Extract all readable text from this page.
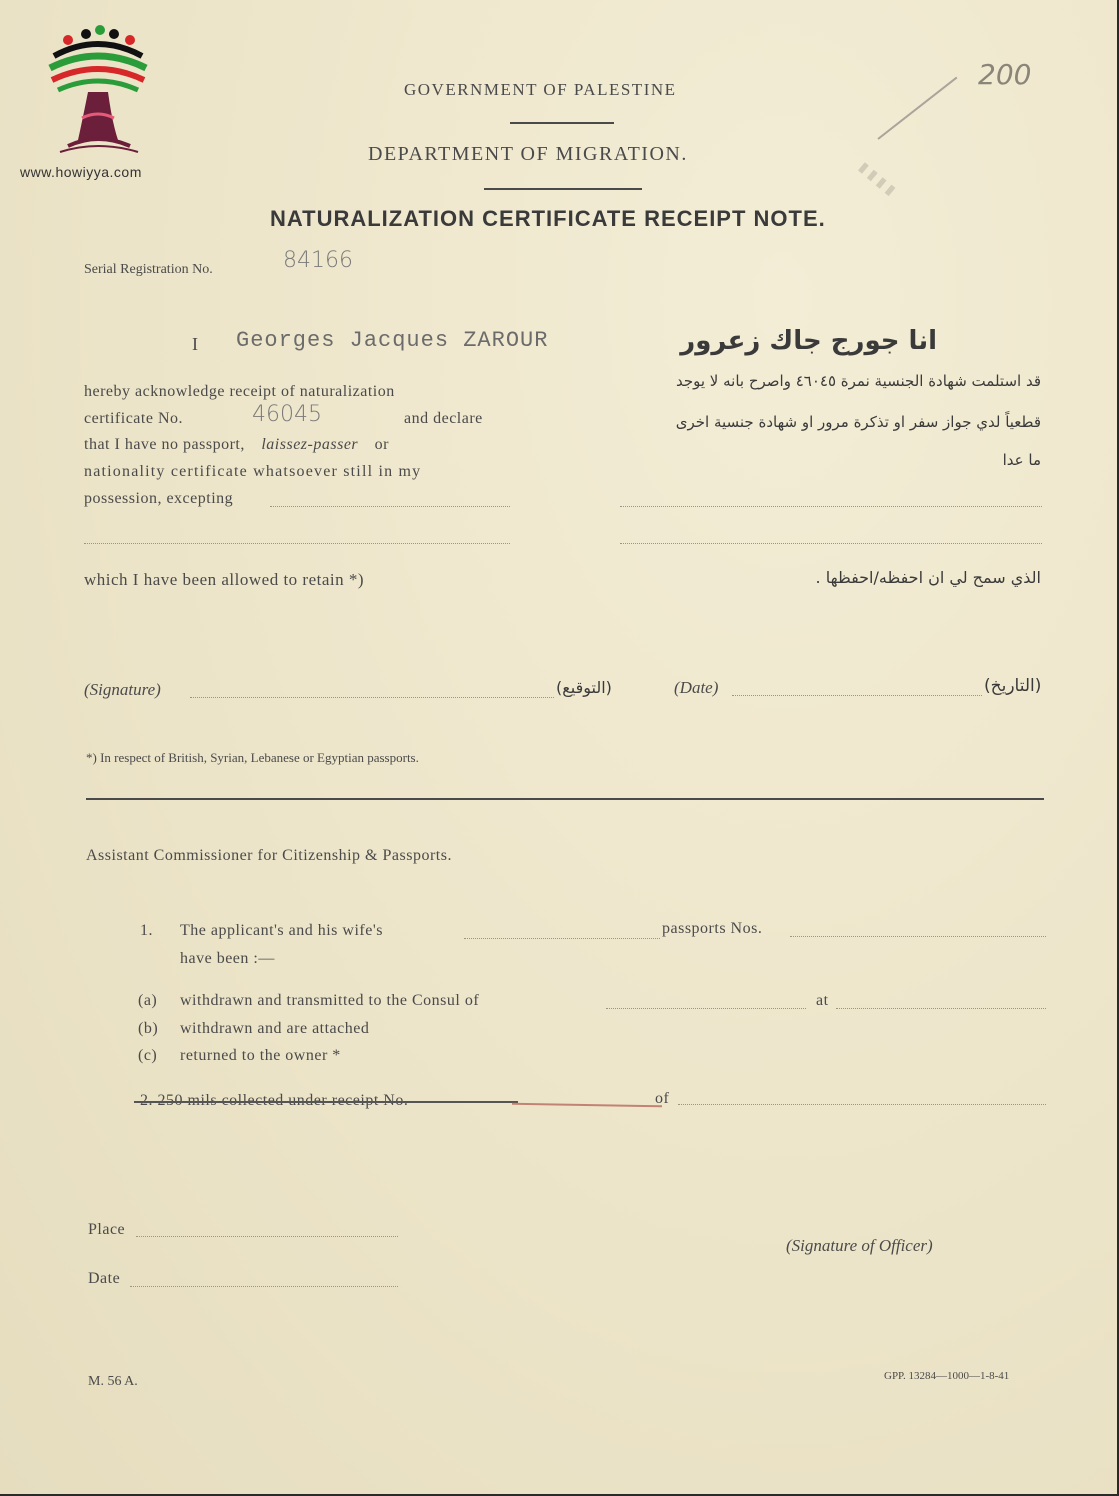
www.howiyya.com
200
▮ ▮ ▮ ▮
GOVERNMENT OF PALESTINE
DEPARTMENT OF MIGRATION.
NATURALIZATION CERTIFICATE RECEIPT NOTE.
Serial Registration No.	84166
I Georges Jacques ZAROUR	انا جورج جاك زعرور
hereby acknowledge receipt of naturalization
certificate No.	46045	and declare
that I have no passport, laissez-passer or
nationality certificate whatsoever still in my
possession, excepting
قد استلمت شهادة الجنسية نمرة ٤٦٠٤٥ واصرح بانه لا يوجد
قطعياً لدي جواز سفر او تذكرة مرور او شهادة جنسية اخرى
ما عدا
which I have been allowed to retain *)	الذي سمح لي ان احفظه/احفظها .
(Signature)	(التوقيع)	(Date)	(التاريخ)
*) In respect of British, Syrian, Lebanese or Egyptian passports.
Assistant Commissioner for Citizenship & Passports.
1. The applicant's and his wife's	passports Nos.
have been :—
(a) withdrawn and transmitted to the Consul of	at
(b) withdrawn and are attached
(c) returned to the owner *
of
Place
(Signature of Officer)
Date
M. 56 A.	GPP. 13284—1000—1-8-41
